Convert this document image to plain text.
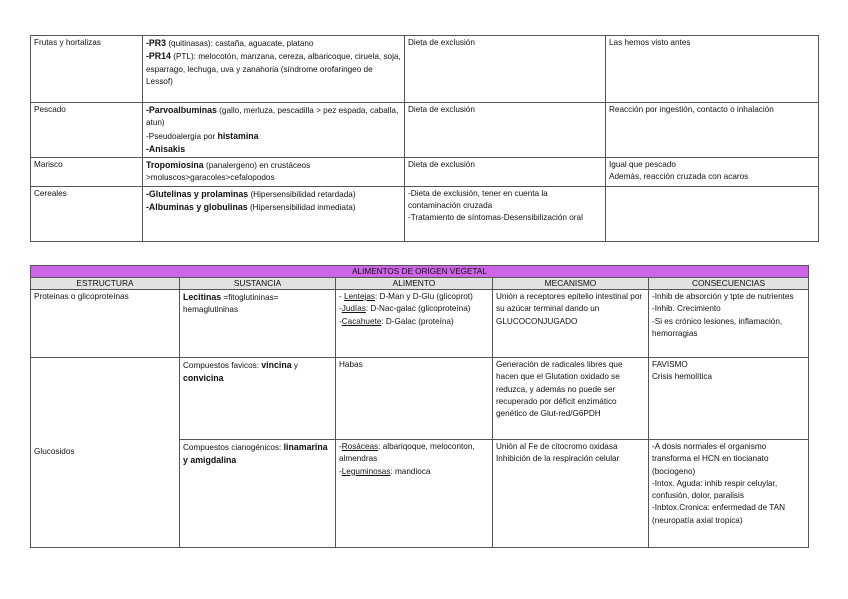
Frutas y hortalizas	-PR3 (quitinasas): castaña, aguacate, platano
-PR14 (PTL): melocotón, manzana, cereza, albaricoque, ciruela, soja, esparrago, lechuga, uva y zanahoria (síndrome orofaringeo de Lessof)	Dieta de exclusión	Las hemos visto antes
Pescado	-Parvoalbuminas (gallo, merluza, pescadilla > pez espada, caballa, atun)
-Pseudoalergia por histamina
-Anisakis	Dieta de exclusión	Reacción por ingestión, contacto o inhalación
Marisco	Tropomiosina (panalergeno) en crustáceos >moluscos>garacoles>cefalopodos	Dieta de exclusión	Igual que pescado
Además, reacción cruzada con acaros

Cereales	-Glutelinas y prolaminas (Hipersensibilidad retardada)
-Albuminas y globulinas (Hipersensibilidad inmediata)	-Dieta de exclusión, tener en cuenta la contaminación cruzada
-Tratamiento de síntomas-Desensibilización oral	

ALIMENTOS DE ORIGEN VEGETAL				
ESTRUCTURA	SUSTANCIA	ALIMENTO	MECANISMO	CONSECUENCIAS
Proteinas o glicoproteínas	Lecitinas =fitoglutininas= hemaglutininas	- Lentejas: D-Man y D-Glu (glicoprot)
-Judías: D-Nac-galac (glicoproteína)
-Cacahuete: D-Galac (proteína)	Unión a receptores epitelio intestinal por su azúcar terminal dando un GLUCOCONJUGADO	-Inhib de absorción y tpte de nutrientes
-Inhib. Crecimiento
-Si es crónico lesiones, inflamación, hemorragias

Glucosidos	Compuestos favicos: vincina y convicina	Habas	Generación de radicales libres que hacen que el Glutation oxidado se reduzca, y además no puede ser recuperado por déficit enzimático genético de Glut-red/G6PDH	FAVISMO
Crisis hemolítica

	Compuestos cianogénicos: linamarina y amigdalina	-Rosáceas: albariqoque, meloconton, almendras
-Leguminosas: mandioca	Unión al Fe de citocromo oxidasa
Inhibición de la respiración celular	-A dosis normales el organismo transforma el HCN en tiocianato (bociogeno)
-Intox. Aguda: inhib respir celuylar, confusión, dolor, paralisis
-Inbtox.Cronica: enfermedad de TAN (neuropatía axial tropica)
